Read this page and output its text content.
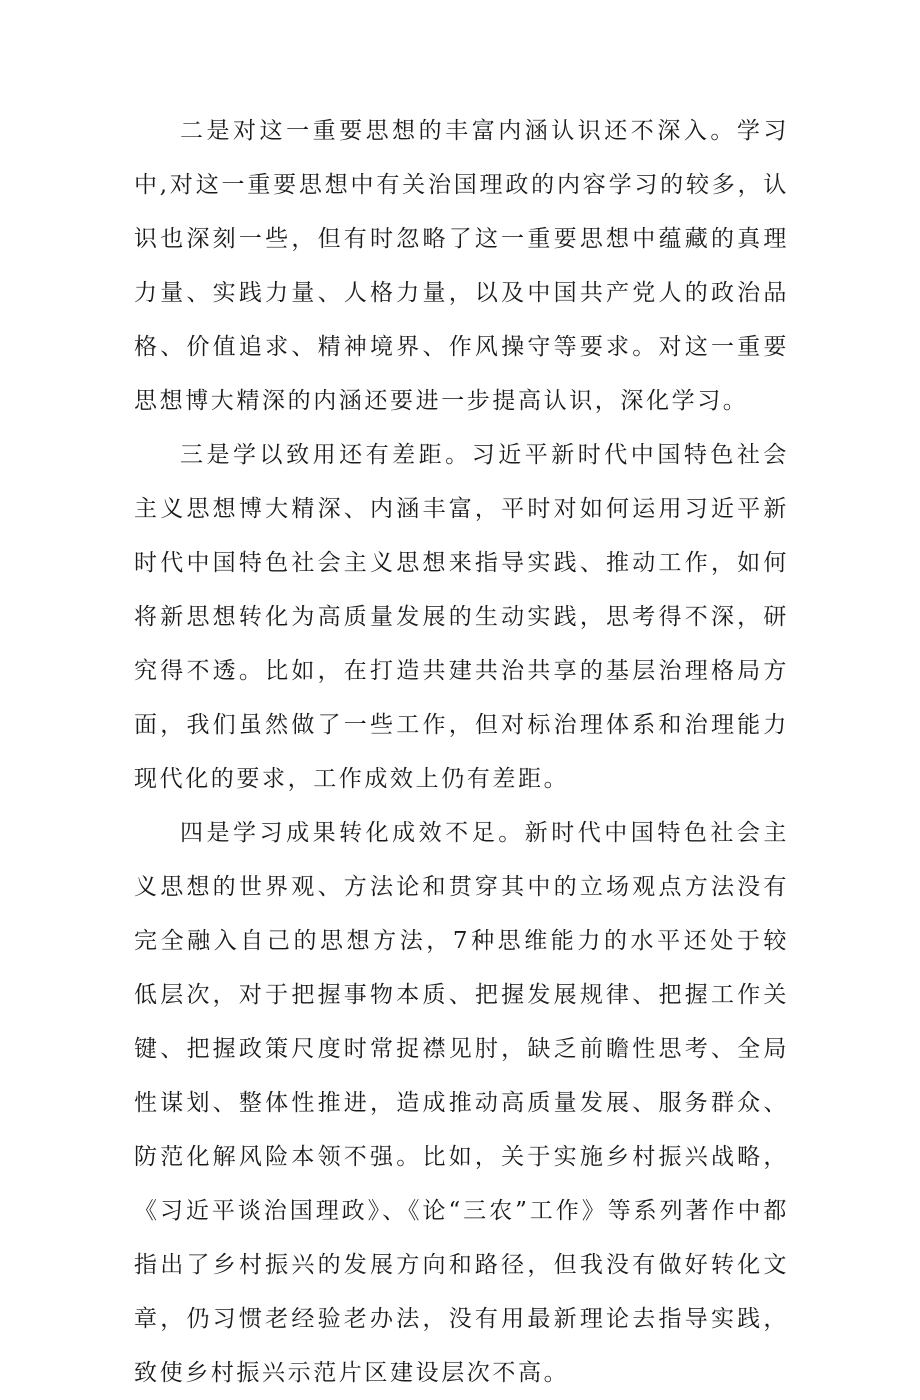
二是对这一重要思想的丰富内涵认识还不深入。学习中,对这一重要思想中有关治国理政的内容学习的较多，认识也深刻一些，但有时忽略了这一重要思想中蕴藏的真理力量、实践力量、人格力量，以及中国共产党人的政治品格、价值追求、精神境界、作风操守等要求。对这一重要思想博大精深的内涵还要进一步提高认识，深化学习。

三是学以致用还有差距。习近平新时代中国特色社会主义思想博大精深、内涵丰富，平时对如何运用习近平新时代中国特色社会主义思想来指导实践、推动工作，如何将新思想转化为高质量发展的生动实践，思考得不深，研究得不透。比如，在打造共建共治共享的基层治理格局方面，我们虽然做了一些工作，但对标治理体系和治理能力现代化的要求，工作成效上仍有差距。

四是学习成果转化成效不足。新时代中国特色社会主义思想的世界观、方法论和贯穿其中的立场观点方法没有完全融入自己的思想方法，7种思维能力的水平还处于较低层次，对于把握事物本质、把握发展规律、把握工作关键、把握政策尺度时常捉襟见肘，缺乏前瞻性思考、全局性谋划、整体性推进，造成推动高质量发展、服务群众、防范化解风险本领不强。比如，关于实施乡村振兴战略，《习近平谈治国理政》、《论“三农”工作》等系列著作中都指出了乡村振兴的发展方向和路径，但我没有做好转化文章，仍习惯老经验老办法，没有用最新理论去指导实践，致使乡村振兴示范片区建设层次不高。
